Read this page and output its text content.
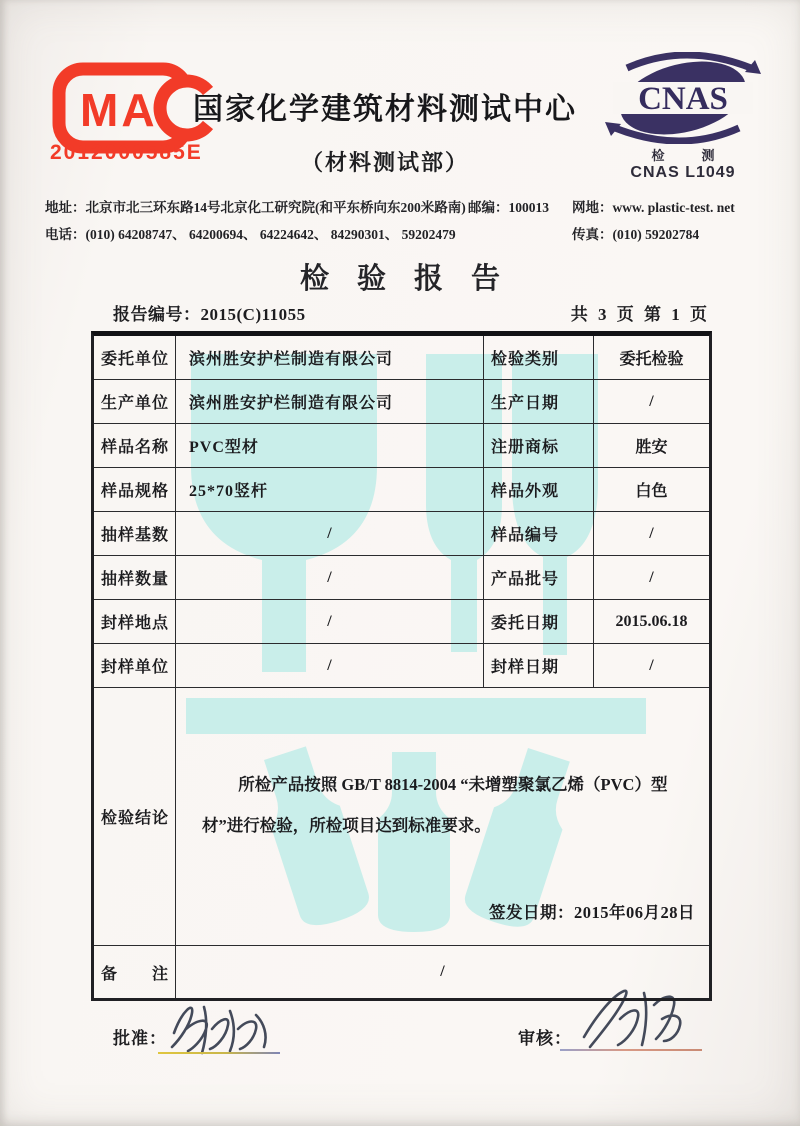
MA
2012000585E
国家化学建筑材料测试中心
（材料测试部）
CNAS
检　测
CNAS L1049
地址：北京市北三环东路14号北京化工研究院(和平东桥向东200米路南) 邮编：100013 网地：www. plastic-test. net
电话：(010) 64208747、 64200694、 64224642、 84290301、 59202479	传真：(010) 59202784
检验报告
报告编号：2015(C)11055	共 3 页 第 1 页
委托单位	滨州胜安护栏制造有限公司	检验类别	委托检验
生产单位	滨州胜安护栏制造有限公司	生产日期	/
样品名称	PVC型材	注册商标	胜安
样品规格	25*70竖杆	样品外观	白色
抽样基数	/	样品编号	/
抽样数量	/	产品批号	/
封样地点	/	委托日期	2015.06.18
封样单位	/	封样日期	/
检验结论
所检产品按照 GB/T 8814-2004 “未增塑聚氯乙烯（PVC）型材”进行检验，所检项目达到标准要求。
签发日期：2015年06月28日
备　　注	/
批准：	审核：
